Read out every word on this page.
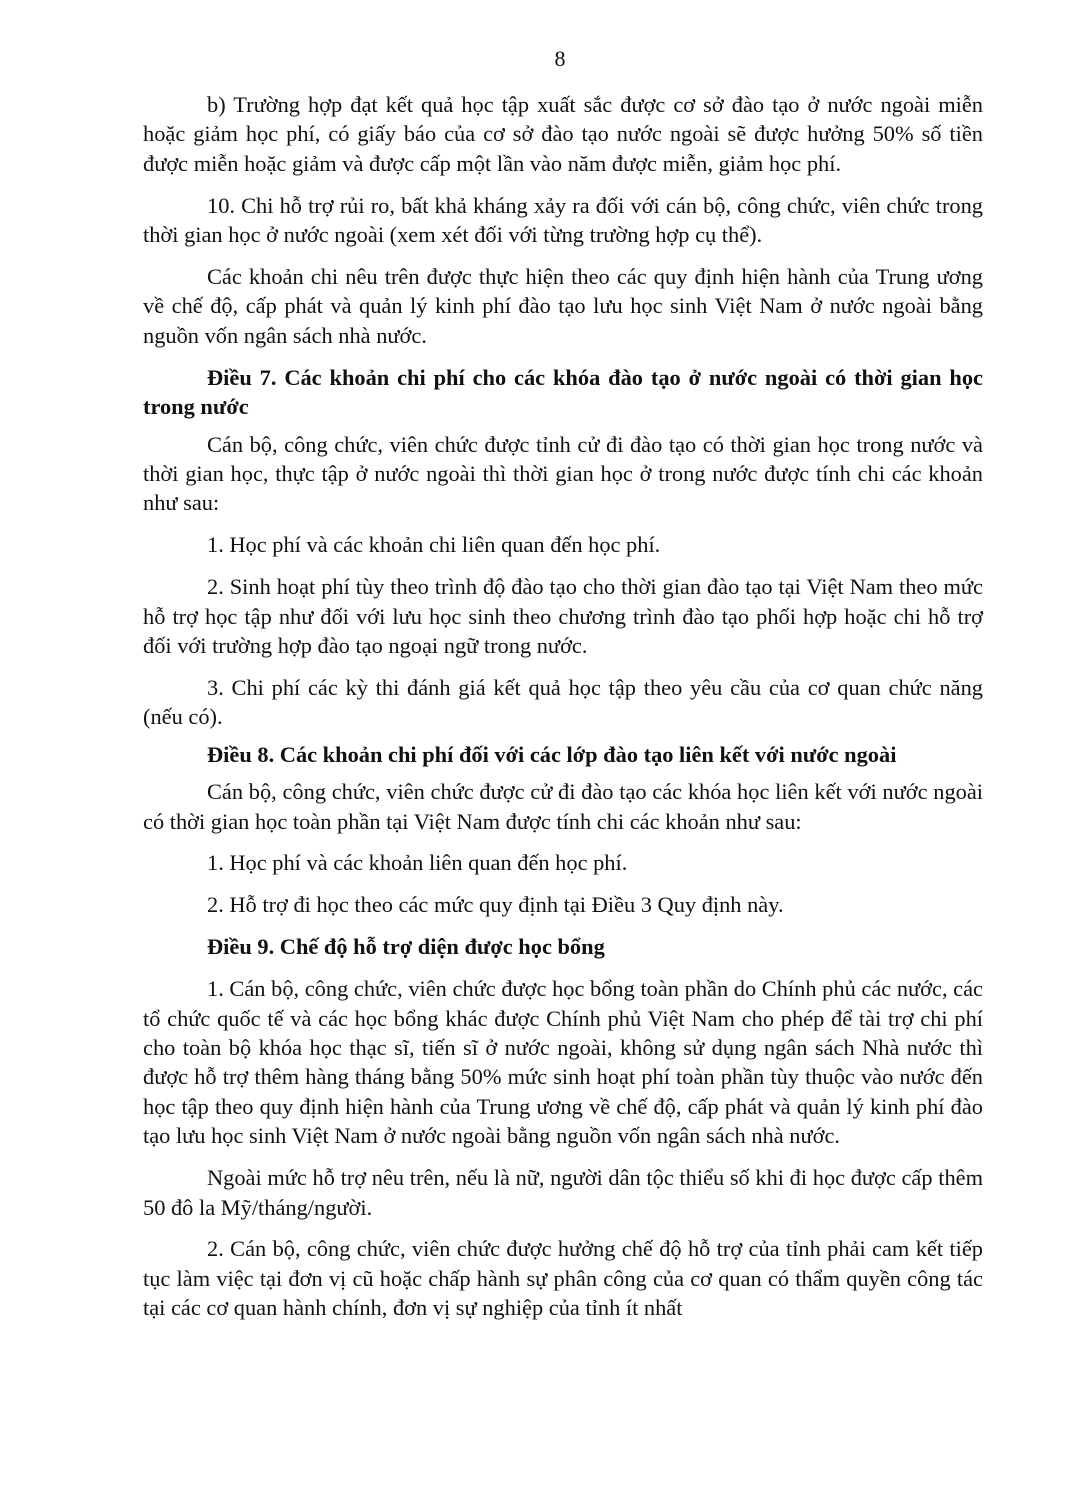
8

b) Trường hợp đạt kết quả học tập xuất sắc được cơ sở đào tạo ở nước ngoài miễn hoặc giảm học phí, có giấy báo của cơ sở đào tạo nước ngoài sẽ được hưởng 50% số tiền được miễn hoặc giảm và được cấp một lần vào năm được miễn, giảm học phí.

10. Chi hỗ trợ rủi ro, bất khả kháng xảy ra đối với cán bộ, công chức, viên chức trong thời gian học ở nước ngoài (xem xét đối với từng trường hợp cụ thể).

Các khoản chi nêu trên được thực hiện theo các quy định hiện hành của Trung ương về chế độ, cấp phát và quản lý kinh phí đào tạo lưu học sinh Việt Nam ở nước ngoài bằng nguồn vốn ngân sách nhà nước.

Điều 7. Các khoản chi phí cho các khóa đào tạo ở nước ngoài có thời gian học trong nước

Cán bộ, công chức, viên chức được tỉnh cử đi đào tạo có thời gian học trong nước và thời gian học, thực tập ở nước ngoài thì thời gian học ở trong nước được tính chi các khoản như sau:

1. Học phí và các khoản chi liên quan đến học phí.

2. Sinh hoạt phí tùy theo trình độ đào tạo cho thời gian đào tạo tại Việt Nam theo mức hỗ trợ học tập như đối với lưu học sinh theo chương trình đào tạo phối hợp hoặc chi hỗ trợ đối với trường hợp đào tạo ngoại ngữ trong nước.

3. Chi phí các kỳ thi đánh giá kết quả học tập theo yêu cầu của cơ quan chức năng (nếu có).

Điều 8. Các khoản chi phí đối với các lớp đào tạo liên kết với nước ngoài

Cán bộ, công chức, viên chức được cử đi đào tạo các khóa học liên kết với nước ngoài có thời gian học toàn phần tại Việt Nam được tính chi các khoản như sau:

1. Học phí và các khoản liên quan đến học phí.

2. Hỗ trợ đi học theo các mức quy định tại Điều 3 Quy định này.

Điều 9. Chế độ hỗ trợ diện được học bổng

1. Cán bộ, công chức, viên chức được học bổng toàn phần do Chính phủ các nước, các tổ chức quốc tế và các học bổng khác được Chính phủ Việt Nam cho phép để tài trợ chi phí cho toàn bộ khóa học thạc sĩ, tiến sĩ ở nước ngoài, không sử dụng ngân sách Nhà nước thì được hỗ trợ thêm hàng tháng bằng 50% mức sinh hoạt phí toàn phần tùy thuộc vào nước đến học tập theo quy định hiện hành của Trung ương về chế độ, cấp phát và quản lý kinh phí đào tạo lưu học sinh Việt Nam ở nước ngoài bằng nguồn vốn ngân sách nhà nước.

Ngoài mức hỗ trợ nêu trên, nếu là nữ, người dân tộc thiểu số khi đi học được cấp thêm 50 đô la Mỹ/tháng/người.

2. Cán bộ, công chức, viên chức được hưởng chế độ hỗ trợ của tỉnh phải cam kết tiếp tục làm việc tại đơn vị cũ hoặc chấp hành sự phân công của cơ quan có thẩm quyền công tác tại các cơ quan hành chính, đơn vị sự nghiệp của tỉnh ít nhất
